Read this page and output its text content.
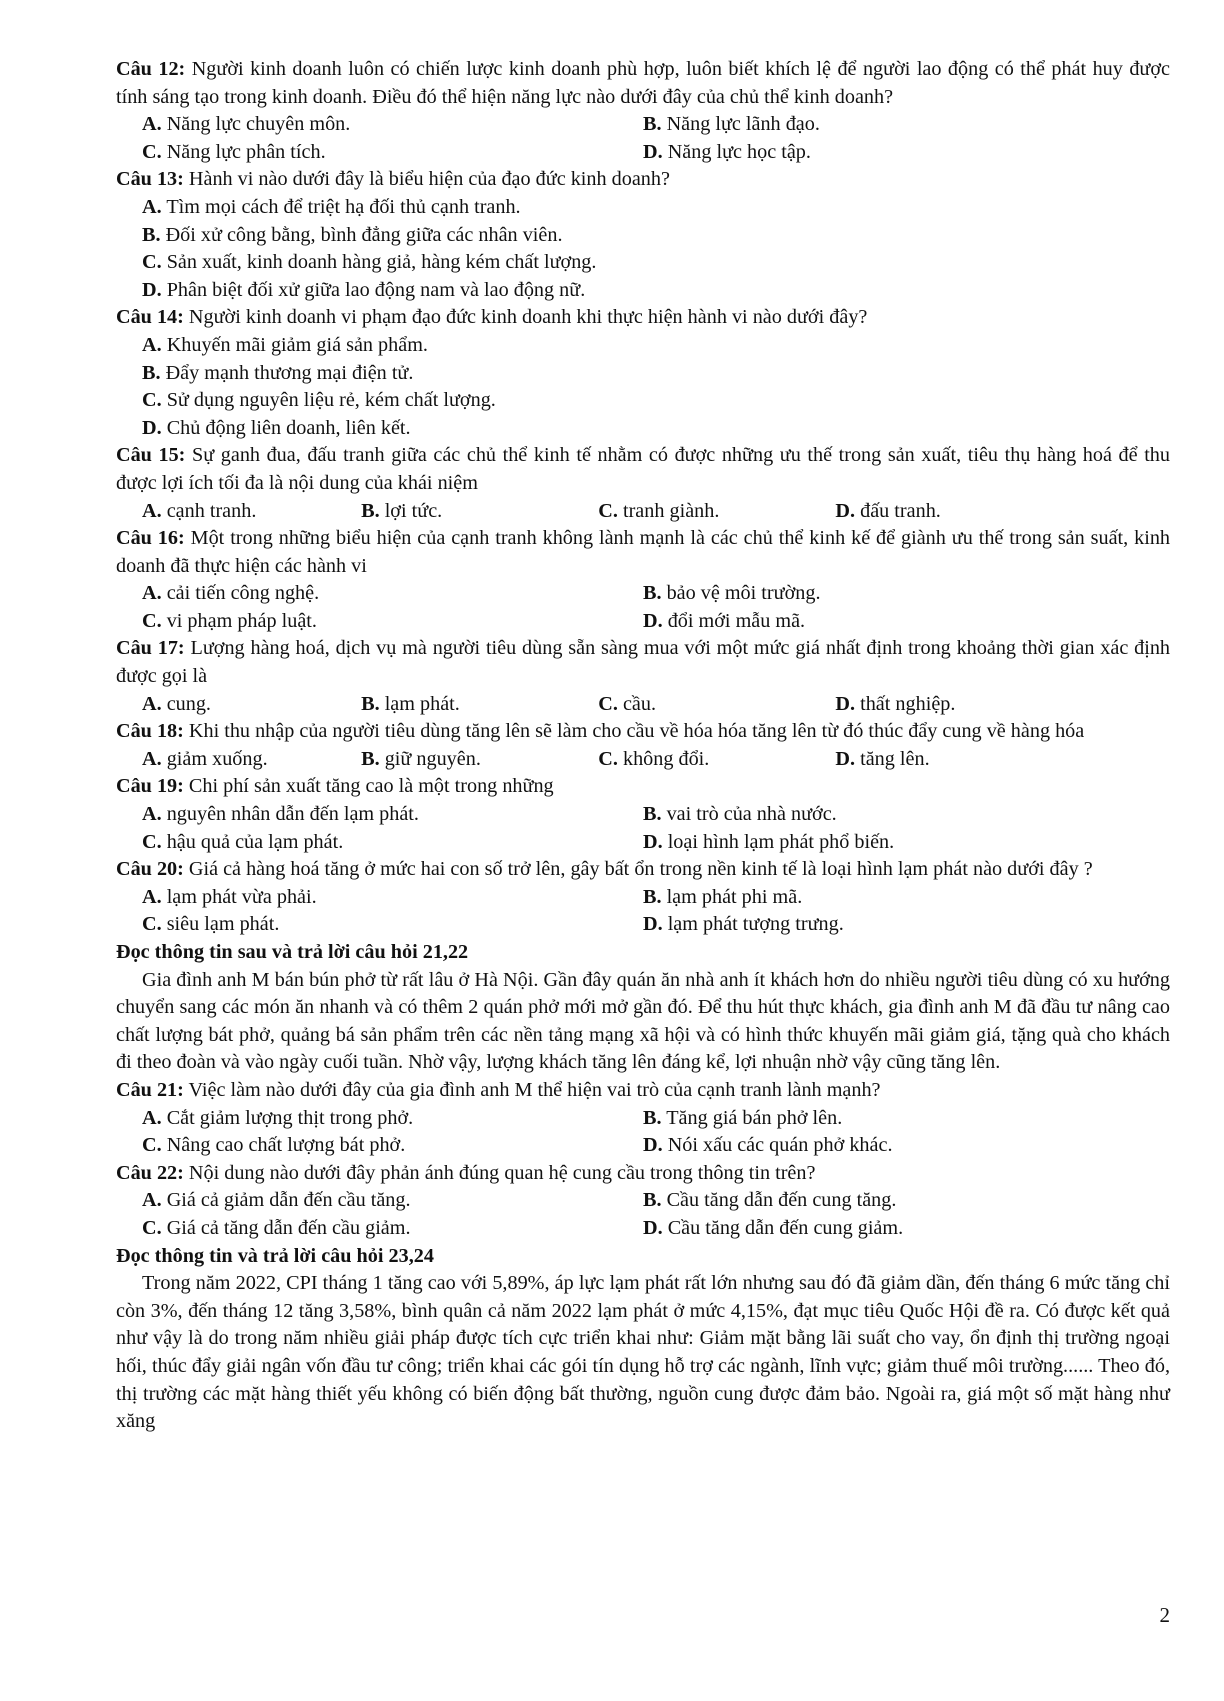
Câu 12: Người kinh doanh luôn có chiến lược kinh doanh phù hợp, luôn biết khích lệ để người lao động có thể phát huy được tính sáng tạo trong kinh doanh. Điều đó thể hiện năng lực nào dưới đây của chủ thể kinh doanh?
A. Năng lực chuyên môn.	B. Năng lực lãnh đạo.
C. Năng lực phân tích.	D. Năng lực học tập.
Câu 13: Hành vi nào dưới đây là biểu hiện của đạo đức kinh doanh?
A. Tìm mọi cách để triệt hạ đối thủ cạnh tranh.
B. Đối xử công bằng, bình đẳng giữa các nhân viên.
C. Sản xuất, kinh doanh hàng giả, hàng kém chất lượng.
D. Phân biệt đối xử giữa lao động nam và lao động nữ.
Câu 14: Người kinh doanh vi phạm đạo đức kinh doanh khi thực hiện hành vi nào dưới đây?
A. Khuyến mãi giảm giá sản phẩm.
B. Đẩy mạnh thương mại điện tử.
C. Sử dụng nguyên liệu rẻ, kém chất lượng.
D. Chủ động liên doanh, liên kết.
Câu 15: Sự ganh đua, đấu tranh giữa các chủ thể kinh tế nhằm có được những ưu thế trong sản xuất, tiêu thụ hàng hoá để thu được lợi ích tối đa là nội dung của khái niệm
A. cạnh tranh.	B. lợi tức.	C. tranh giành.	D. đấu tranh.
Câu 16: Một trong những biểu hiện của cạnh tranh không lành mạnh là các chủ thể kinh kế để giành ưu thế trong sản suất, kinh doanh đã thực hiện các hành vi
A. cải tiến công nghệ.	B. bảo vệ môi trường.
C. vi phạm pháp luật.	D. đổi mới mẫu mã.
Câu 17: Lượng hàng hoá, dịch vụ mà người tiêu dùng sẵn sàng mua với một mức giá nhất định trong khoảng thời gian xác định được gọi là
A. cung.	B. lạm phát.	C. cầu.	D. thất nghiệp.
Câu 18: Khi thu nhập của người tiêu dùng tăng lên sẽ làm cho cầu về hóa hóa tăng lên từ đó thúc đẩy cung về hàng hóa
A. giảm xuống.	B. giữ nguyên.	C. không đổi.	D. tăng lên.
Câu 19: Chi phí sản xuất tăng cao là một trong những
A. nguyên nhân dẫn đến lạm phát.	B. vai trò của nhà nước.
C. hậu quả của lạm phát.	D. loại hình lạm phát phổ biến.
Câu 20: Giá cả hàng hoá tăng ở mức hai con số trở lên, gây bất ổn trong nền kinh tế là loại hình lạm phát nào dưới đây ?
A. lạm phát vừa phải.	B. lạm phát phi mã.
C. siêu lạm phát.	D. lạm phát tượng trưng.
Đọc thông tin sau và trả lời câu hỏi 21,22
Gia đình anh M bán bún phở từ rất lâu ở Hà Nội. Gần đây quán ăn nhà anh ít khách hơn do nhiều người tiêu dùng có xu hướng chuyển sang các món ăn nhanh và có thêm 2 quán phở mới mở gần đó. Để thu hút thực khách, gia đình anh M đã đầu tư nâng cao chất lượng bát phở, quảng bá sản phẩm trên các nền tảng mạng xã hội và có hình thức khuyến mãi giảm giá, tặng quà cho khách đi theo đoàn và vào ngày cuối tuần. Nhờ vậy, lượng khách tăng lên đáng kể, lợi nhuận nhờ vậy cũng tăng lên.
Câu 21: Việc làm nào dưới đây của gia đình anh M thể hiện vai trò của cạnh tranh lành mạnh?
A. Cắt giảm lượng thịt trong phở.	B. Tăng giá bán phở lên.
C. Nâng cao chất lượng bát phở.	D. Nói xấu các quán phở khác.
Câu 22: Nội dung nào dưới đây phản ánh đúng quan hệ cung cầu trong thông tin trên?
A. Giá cả giảm dẫn đến cầu tăng.	B. Cầu tăng dẫn đến cung tăng.
C. Giá cả tăng dẫn đến cầu giảm.	D. Cầu tăng dẫn đến cung giảm.
Đọc thông tin và trả lời câu hỏi 23,24
Trong năm 2022, CPI tháng 1 tăng cao với 5,89%, áp lực lạm phát rất lớn nhưng sau đó đã giảm dần, đến tháng 6 mức tăng chỉ còn 3%, đến tháng 12 tăng 3,58%, bình quân cả năm 2022 lạm phát ở mức 4,15%, đạt mục tiêu Quốc Hội đề ra. Có được kết quả như vậy là do trong năm nhiều giải pháp được tích cực triển khai như: Giảm mặt bằng lãi suất cho vay, ổn định thị trường ngoại hối, thúc đẩy giải ngân vốn đầu tư công; triển khai các gói tín dụng hỗ trợ các ngành, lĩnh vực; giảm thuế môi trường...... Theo đó, thị trường các mặt hàng thiết yếu không có biến động bất thường, nguồn cung được đảm bảo. Ngoài ra, giá một số mặt hàng như xăng
2
